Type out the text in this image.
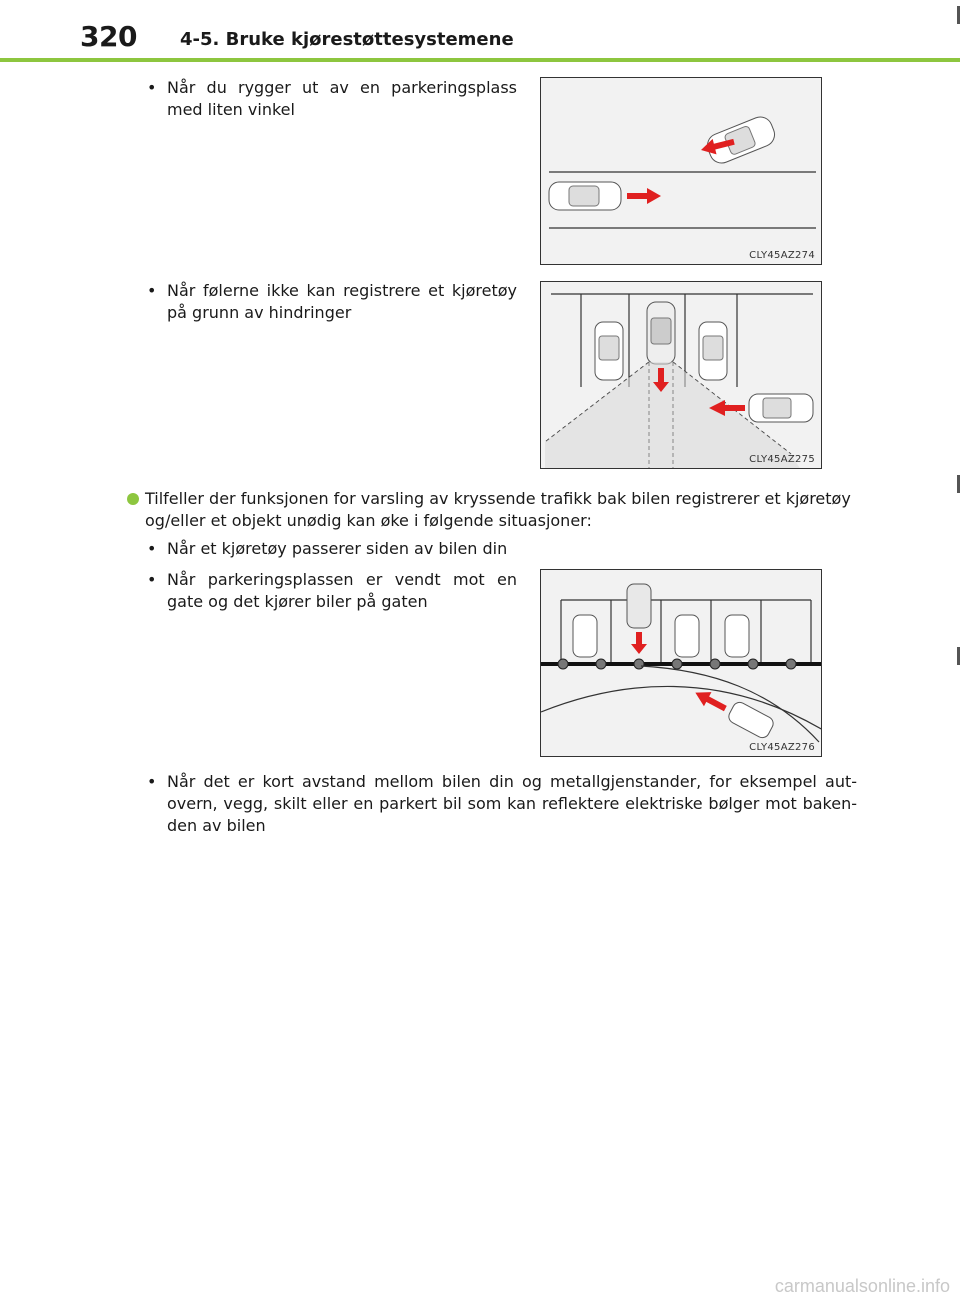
320 4-5. Bruke kjørestøttesystemene
• Når du rygger ut av en parkeringsplass med liten vinkel
CLY45AZ274
• Når følerne ikke kan registrere et kjøretøy på grunn av hindringer
CLY45AZ275
Tilfeller der funksjonen for varsling av kryssende trafikk bak bilen registrerer et kjøretøy og/eller et objekt unødig kan øke i følgende situasjoner:
• Når et kjøretøy passerer siden av bilen din
• Når parkeringsplassen er vendt mot en gate og det kjører biler på gaten
CLY45AZ276
• Når det er kort avstand mellom bilen din og metallgjenstander, for eksempel aut-overn, vegg, skilt eller en parkert bil som kan reflektere elektriske bølger mot baken-den av bilen
carmanualsonline.info
